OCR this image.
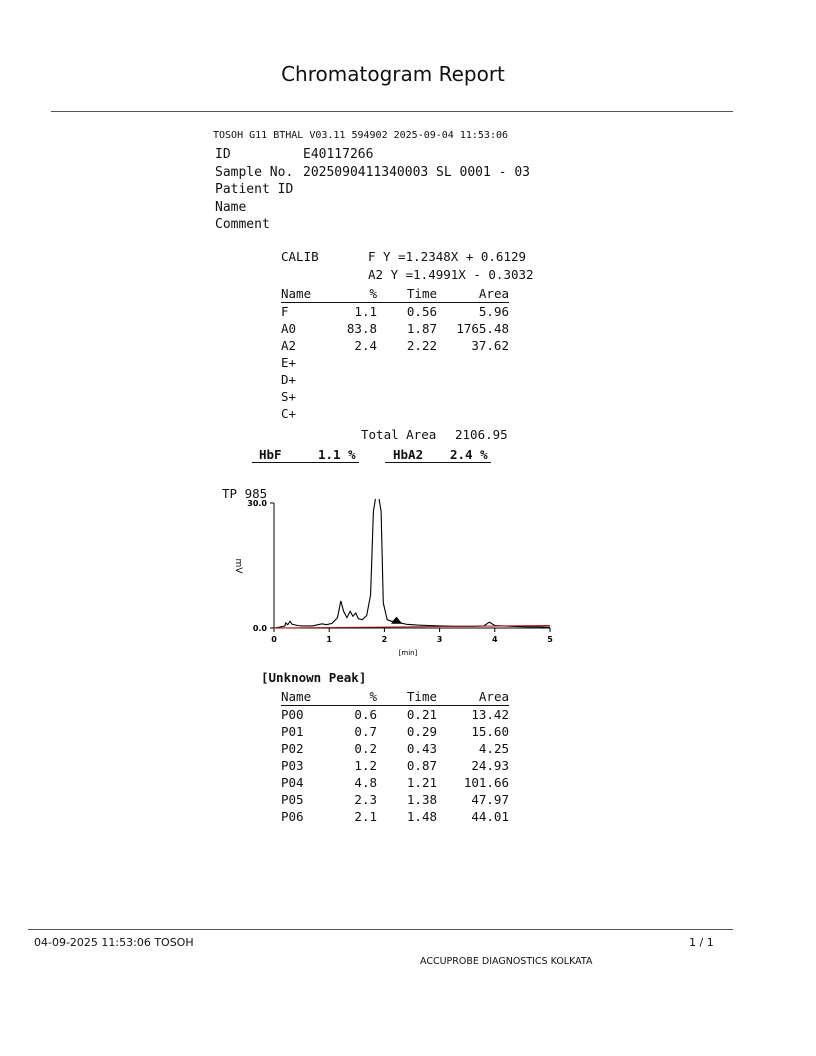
Chromatogram Report
TOSOH G11 BTHAL V03.11 594902 2025-09-04 11:53:06
ID	E40117266
Sample No. 2025090411340003 SL 0001 - 03
Patient ID
Name
Comment
CALIB	F Y =1.2348X + 0.6129
A2 Y =1.4991X - 0.3032
Name	%	Time	Area
F	1.1	0.56	5.96
A0	83.8	1.87	1765.48
A2	2.4	2.22	37.62
E+			
D+			
S+			
C+			
Total Area 2106.95
HbF	1.1 %	HbA2 2.4 %
TP 985
0.0
30.0
0	1	2	3	4	5
[min]
mV
[Unknown Peak]
Name	%	Time	Area
P00	0.6	0.21	13.42
P01	0.7	0.29	15.60
P02	0.2	0.43	4.25
P03	1.2	0.87	24.93
P04	4.8	1.21	101.66
P05	2.3	1.38	47.97
P06	2.1	1.48	44.01
04-09-2025 11:53:06 TOSOH	1 / 1
ACCUPROBE DIAGNOSTICS KOLKATA
